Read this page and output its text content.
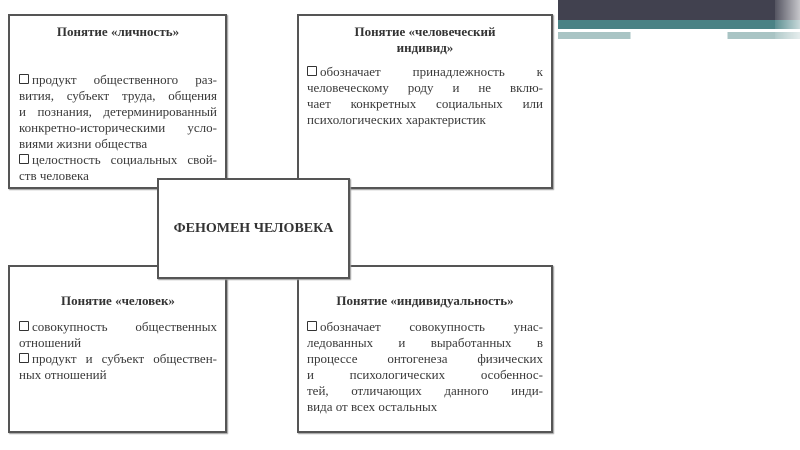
Понятие «личность»
продукт общественного раз-
вития, субъект труда, общения
и познания, детерминированный
конкретно-историческими усло-
виями жизни общества
целостность социальных свой-
ств человека
Понятие «человеческий
индивид»
обозначает принадлежность к
человеческому роду и не вклю-
чает конкретных социальных или
психологических характеристик
Понятие «человек»
совокупность общественных
отношений
продукт и субъект обществен-
ных отношений
Понятие «индивидуальность»
обозначает совокупность унас-
ледованных и выработанных в
процессе онтогенеза физических
и психологических особеннос-
тей, отличающих данного инди-
вида от всех остальных
ФЕНОМЕН ЧЕЛОВЕКА
